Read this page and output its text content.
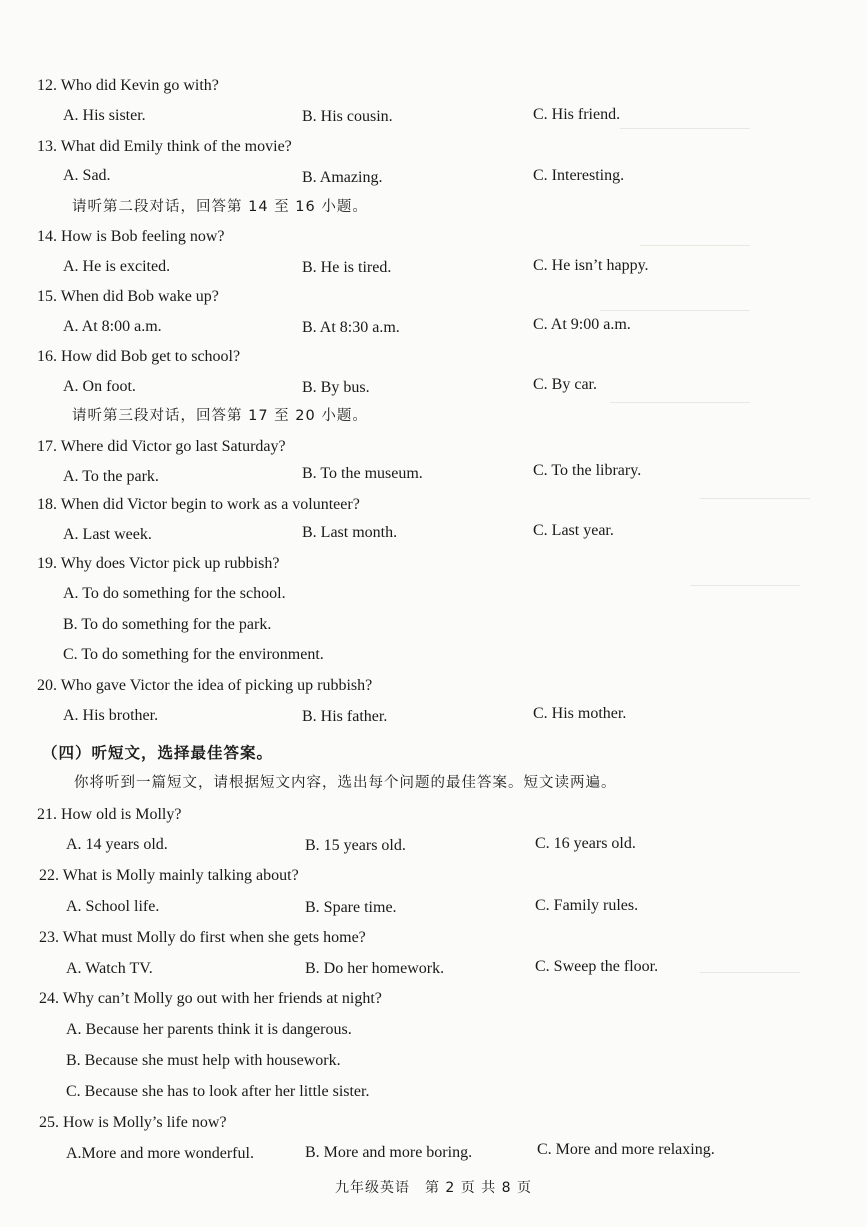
12. Who did Kevin go with?
A. His sister.	B. His cousin.	C. His friend.
13. What did Emily think of the movie?
A. Sad.	B. Amazing.	C. Interesting.
请听第二段对话，回答第 14 至 16 小题。
14. How is Bob feeling now?
A. He is excited.	B. He is tired.	C. He isn’t happy.
15. When did Bob wake up?
A. At 8:00 a.m.	B. At 8:30 a.m.	C. At 9:00 a.m.
16. How did Bob get to school?
A. On foot.	B. By bus.	C. By car.
请听第三段对话，回答第 17 至 20 小题。
17. Where did Victor go last Saturday?
A. To the park.	B. To the museum.	C. To the library.
18. When did Victor begin to work as a volunteer?
A. Last week.	B. Last month.	C. Last year.
19. Why does Victor pick up rubbish?
A. To do something for the school.
B. To do something for the park.
C. To do something for the environment.
20. Who gave Victor the idea of picking up rubbish?
A. His brother.	B. His father.	C. His mother.
（四）听短文，选择最佳答案。
你将听到一篇短文，请根据短文内容，选出每个问题的最佳答案。短文读两遍。
21. How old is Molly?
A. 14 years old.	B. 15 years old.	C. 16 years old.
22. What is Molly mainly talking about?
A. School life.	B. Spare time.	C. Family rules.
23. What must Molly do first when she gets home?
A. Watch TV.	B. Do her homework.	C. Sweep the floor.
24. Why can’t Molly go out with her friends at night?
A. Because her parents think it is dangerous.
B. Because she must help with housework.
C. Because she has to look after her little sister.
25. How is Molly’s life now?
A.More and more wonderful.	B. More and more boring.	C. More and more relaxing.
九年级英语　第 2 页 共 8 页
